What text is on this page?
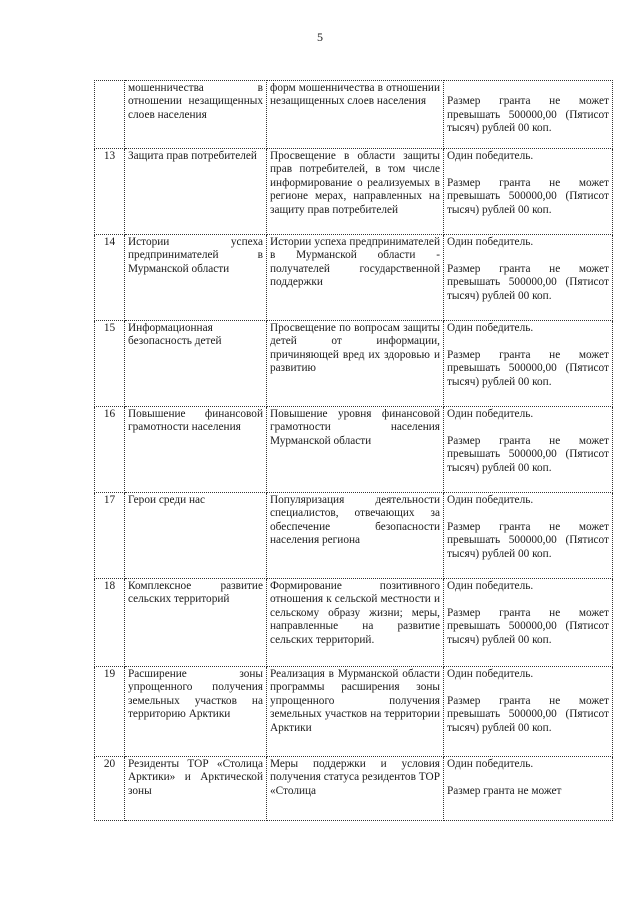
5
	мошенничества в отношении незащищенных слоев населения	форм мошенничества в отношении незащищенных слоев населения	Размер гранта не может превышать 500000,00 (Пятисот тысяч) рублей 00 коп.

13	Защита прав потребителей	Просвещение в области защиты прав потребителей, в том числе информирование о реализуемых в регионе мерах, направленных на защиту прав потребителей	Один победитель.
Размер гранта не может превышать 500000,00 (Пятисот тысяч) рублей 00 коп.

14	Истории успеха предпринимателей в Мурманской области	Истории успеха предпринимателей в Мурманской области - получателей государственной поддержки	Один победитель.
Размер гранта не может превышать 500000,00 (Пятисот тысяч) рублей 00 коп.

15	Информационная безопасность детей	Просвещение по вопросам защиты детей от информации, причиняющей вред их здоровью и развитию	Один победитель.
Размер гранта не может превышать 500000,00 (Пятисот тысяч) рублей 00 коп.

16	Повышение финансовой грамотности населения	Повышение уровня финансовой грамотности населения Мурманской области	Один победитель.
Размер гранта не может превышать 500000,00 (Пятисот тысяч) рублей 00 коп.

17	Герои среди нас	Популяризация деятельности специалистов, отвечающих за обеспечение безопасности населения региона	Один победитель.
Размер гранта не может превышать 500000,00 (Пятисот тысяч) рублей 00 коп.

18	Комплексное развитие сельских территорий	Формирование позитивного отношения к сельской местности и сельскому образу жизни; меры, направленные на развитие сельских территорий.	Один победитель.
Размер гранта не может превышать 500000,00 (Пятисот тысяч) рублей 00 коп.

19	Расширение зоны упрощенного получения земельных участков на территорию Арктики	Реализация в Мурманской области программы расширения зоны упрощенного получения земельных участков на территории Арктики	Один победитель.
Размер гранта не может превышать 500000,00 (Пятисот тысяч) рублей 00 коп.

20	Резиденты ТОР «Столица Арктики» и Арктической зоны	Меры поддержки и условия получения статуса резидентов ТОР «Столица	Один победитель.
Размер гранта не может
